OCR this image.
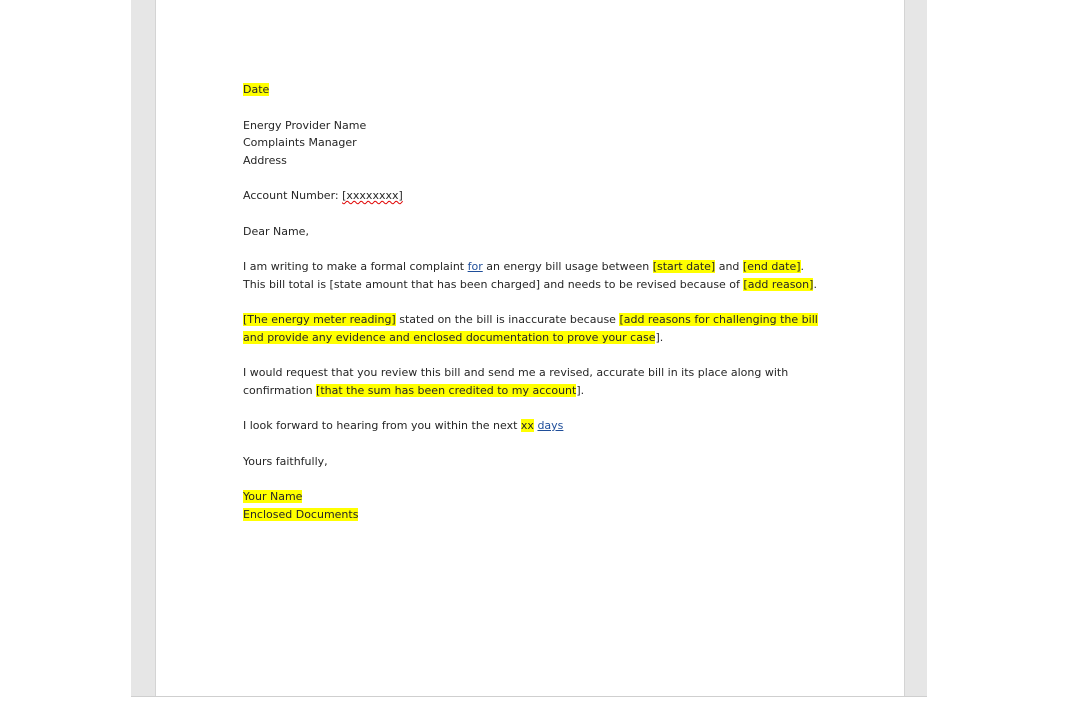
Date
Energy Provider Name
Complaints Manager
Address
Account Number: [xxxxxxxx]
Dear Name,
I am writing to make a formal complaint for an energy bill usage between [start date] and [end date].
This bill total is [state amount that has been charged] and needs to be revised because of [add reason].
[The energy meter reading] stated on the bill is inaccurate because [add reasons for challenging the bill
and provide any evidence and enclosed documentation to prove your case].
I would request that you review this bill and send me a revised, accurate bill in its place along with
confirmation [that the sum has been credited to my account].
I look forward to hearing from you within the next xx days
Yours faithfully,
Your Name
Enclosed Documents
